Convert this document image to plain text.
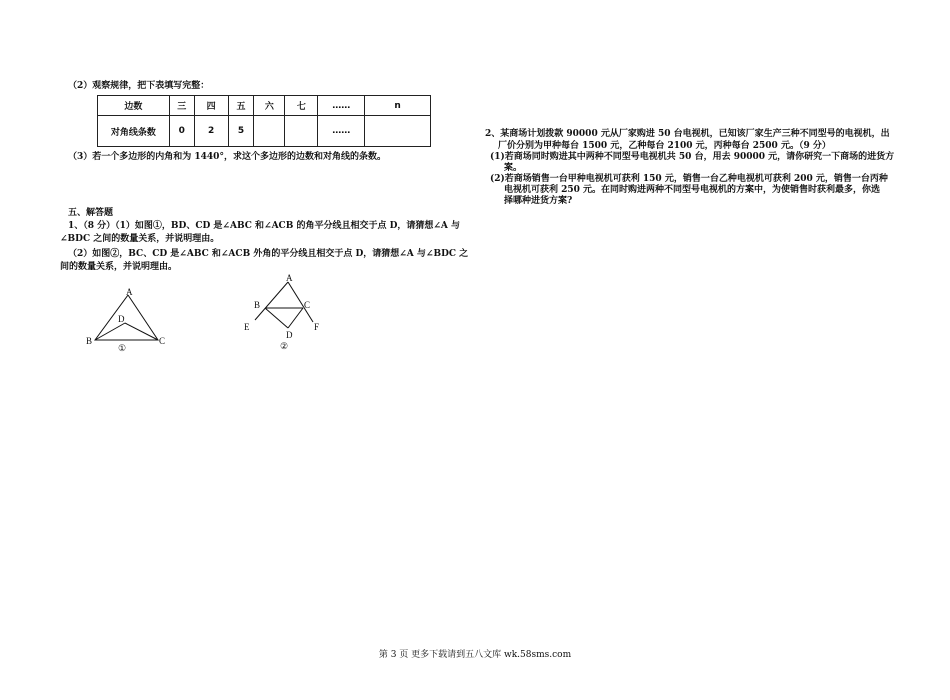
（2）观察规律，把下表填写完整：
边数	三	四	五	六	七	……	n
对角线条数	0	2	5			……	
（3）若一个多边形的内角和为 1440°，求这个多边形的边数和对角线的条数。
五、解答题
1、（8 分）（1）如图①，BD、CD 是∠ABC 和∠ACB 的角平分线且相交于点 D，请猜想∠A 与
∠BDC 之间的数量关系，并说明理由。
（2）如图②，BC、CD 是∠ABC 和∠ACB 外角的平分线且相交于点 D，请猜想∠A 与∠BDC 之
间的数量关系，并说明理由。
A
B	C
D
①
A
B	C
D
E	F
②
2、某商场计划拨款 90000 元从厂家购进 50 台电视机，已知该厂家生产三种不同型号的电视机，出
厂价分别为甲种每台 1500 元，乙种每台 2100 元，丙种每台 2500 元。（9 分）
(1)若商场同时购进其中两种不同型号电视机共 50 台，用去 90000 元，请你研究一下商场的进货方
案。
(2)若商场销售一台甲种电视机可获利 150 元，销售一台乙种电视机可获利 200 元，销售一台丙种
电视机可获利 250 元。在同时购进两种不同型号电视机的方案中，为使销售时获利最多，你选
择哪种进货方案?
第 3 页 更多下载请到五八文库 wk.58sms.com
